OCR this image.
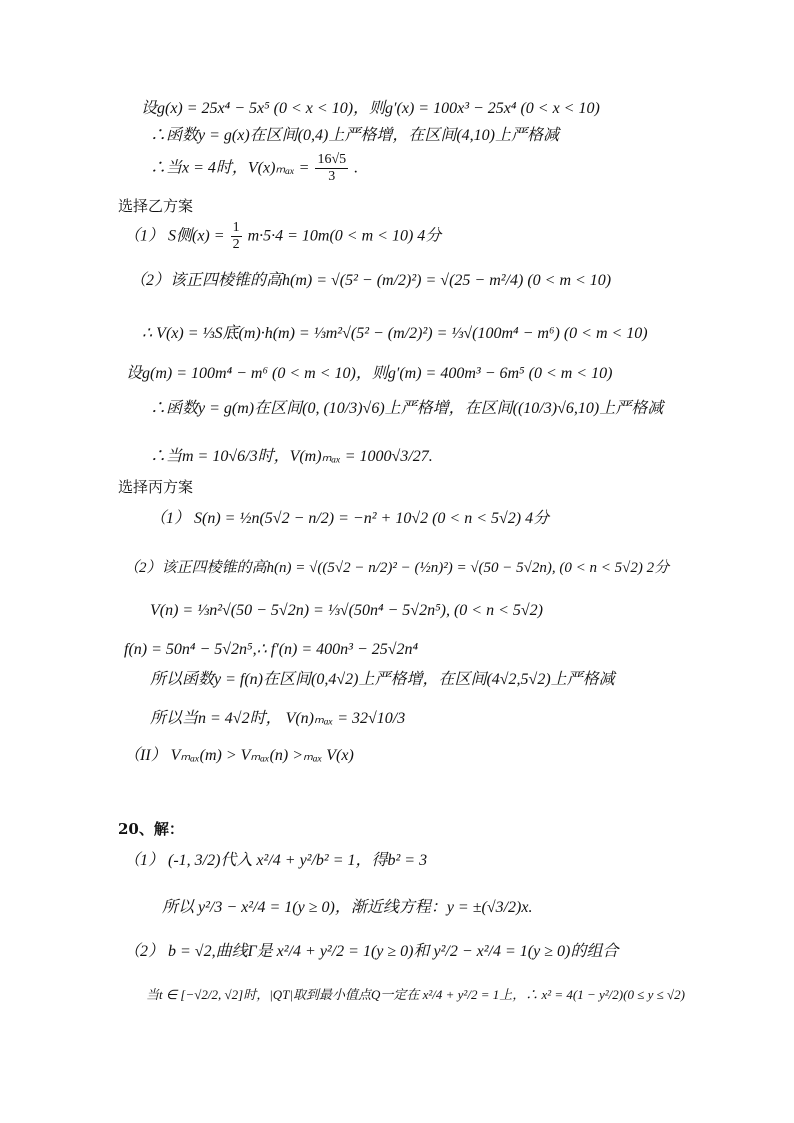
设g(x) = 25x⁴ − 5x⁵ (0 < x < 10)，则g′(x) = 100x³ − 25x⁴ (0 < x < 10)
∴函数y = g(x)在区间(0,4)上严格增，在区间(4,10)上严格减
∴当x = 4时，$V(x)_{max} = \frac{16√5}{3}$ .
选择乙方案
（1） S侧$(x) = \frac{1}{2} m\cdot 5\cdot 4 = 10m(0 < m < 10)$ 4分
（2）该正四棱锥的高h(m) = √(5² − (m/2)²) = √(25 − m²/4) (0 < m < 10)
∴ V(x) = ⅓S底(m)·h(m) = ⅓m²√(5² − (m/2)²) = ⅓√(100m⁴ − m⁶) (0 < m < 10)
设g(m) = 100m⁴ − m⁶ (0 < m < 10)，则g′(m) = 400m³ − 6m⁵ (0 < m < 10)
∴函数y = g(m)在区间(0, (10/3)√6)上严格增，在区间((10/3)√6,10)上严格减
∴当m = 10√6/3时，V(m)ₘₐₓ = 1000√3/27.
选择丙方案
（1） S(n) = ½n(5√2 − n/2) = −n² + 10√2 (0 < n < 5√2) 4分
（2）该正四棱锥的高h(n) = √((5√2 − n/2)² − (½n)²) = √(50 − 5√2n), (0 < n < 5√2) 2分
V(n) = ⅓n²√(50 − 5√2n) = ⅓√(50n⁴ − 5√2n⁵), (0 < n < 5√2)
f(n) = 50n⁴ − 5√2n⁵,∴ f′(n) = 400n³ − 25√2n⁴
所以函数y = f(n)在区间(0,4√2)上严格增，在区间(4√2,5√2)上严格减
所以当n = 4√2时， V(n)ₘₐₓ = 32√10/3
（II） Vₘₐₓ(m) > Vₘₐₓ(n) >ₘₐₓ V(x)
20、解：
（1） (-1, 3/2)代入 x²/4 + y²/b² = 1，得b² = 3
所以 y²/3 − x²/4 = 1(y ≥ 0)，渐近线方程：y = ±(√3/2)x.
（2） b = √2,曲线Γ是 x²/4 + y²/2 = 1(y ≥ 0)和 y²/2 − x²/4 = 1(y ≥ 0)的组合
当t ∈ [−√2/2, √2]时，|QT|取到最小值点Q一定在 x²/4 + y²/2 = 1上，∴ x² = 4(1 − y²/2)(0 ≤ y ≤ √2)
